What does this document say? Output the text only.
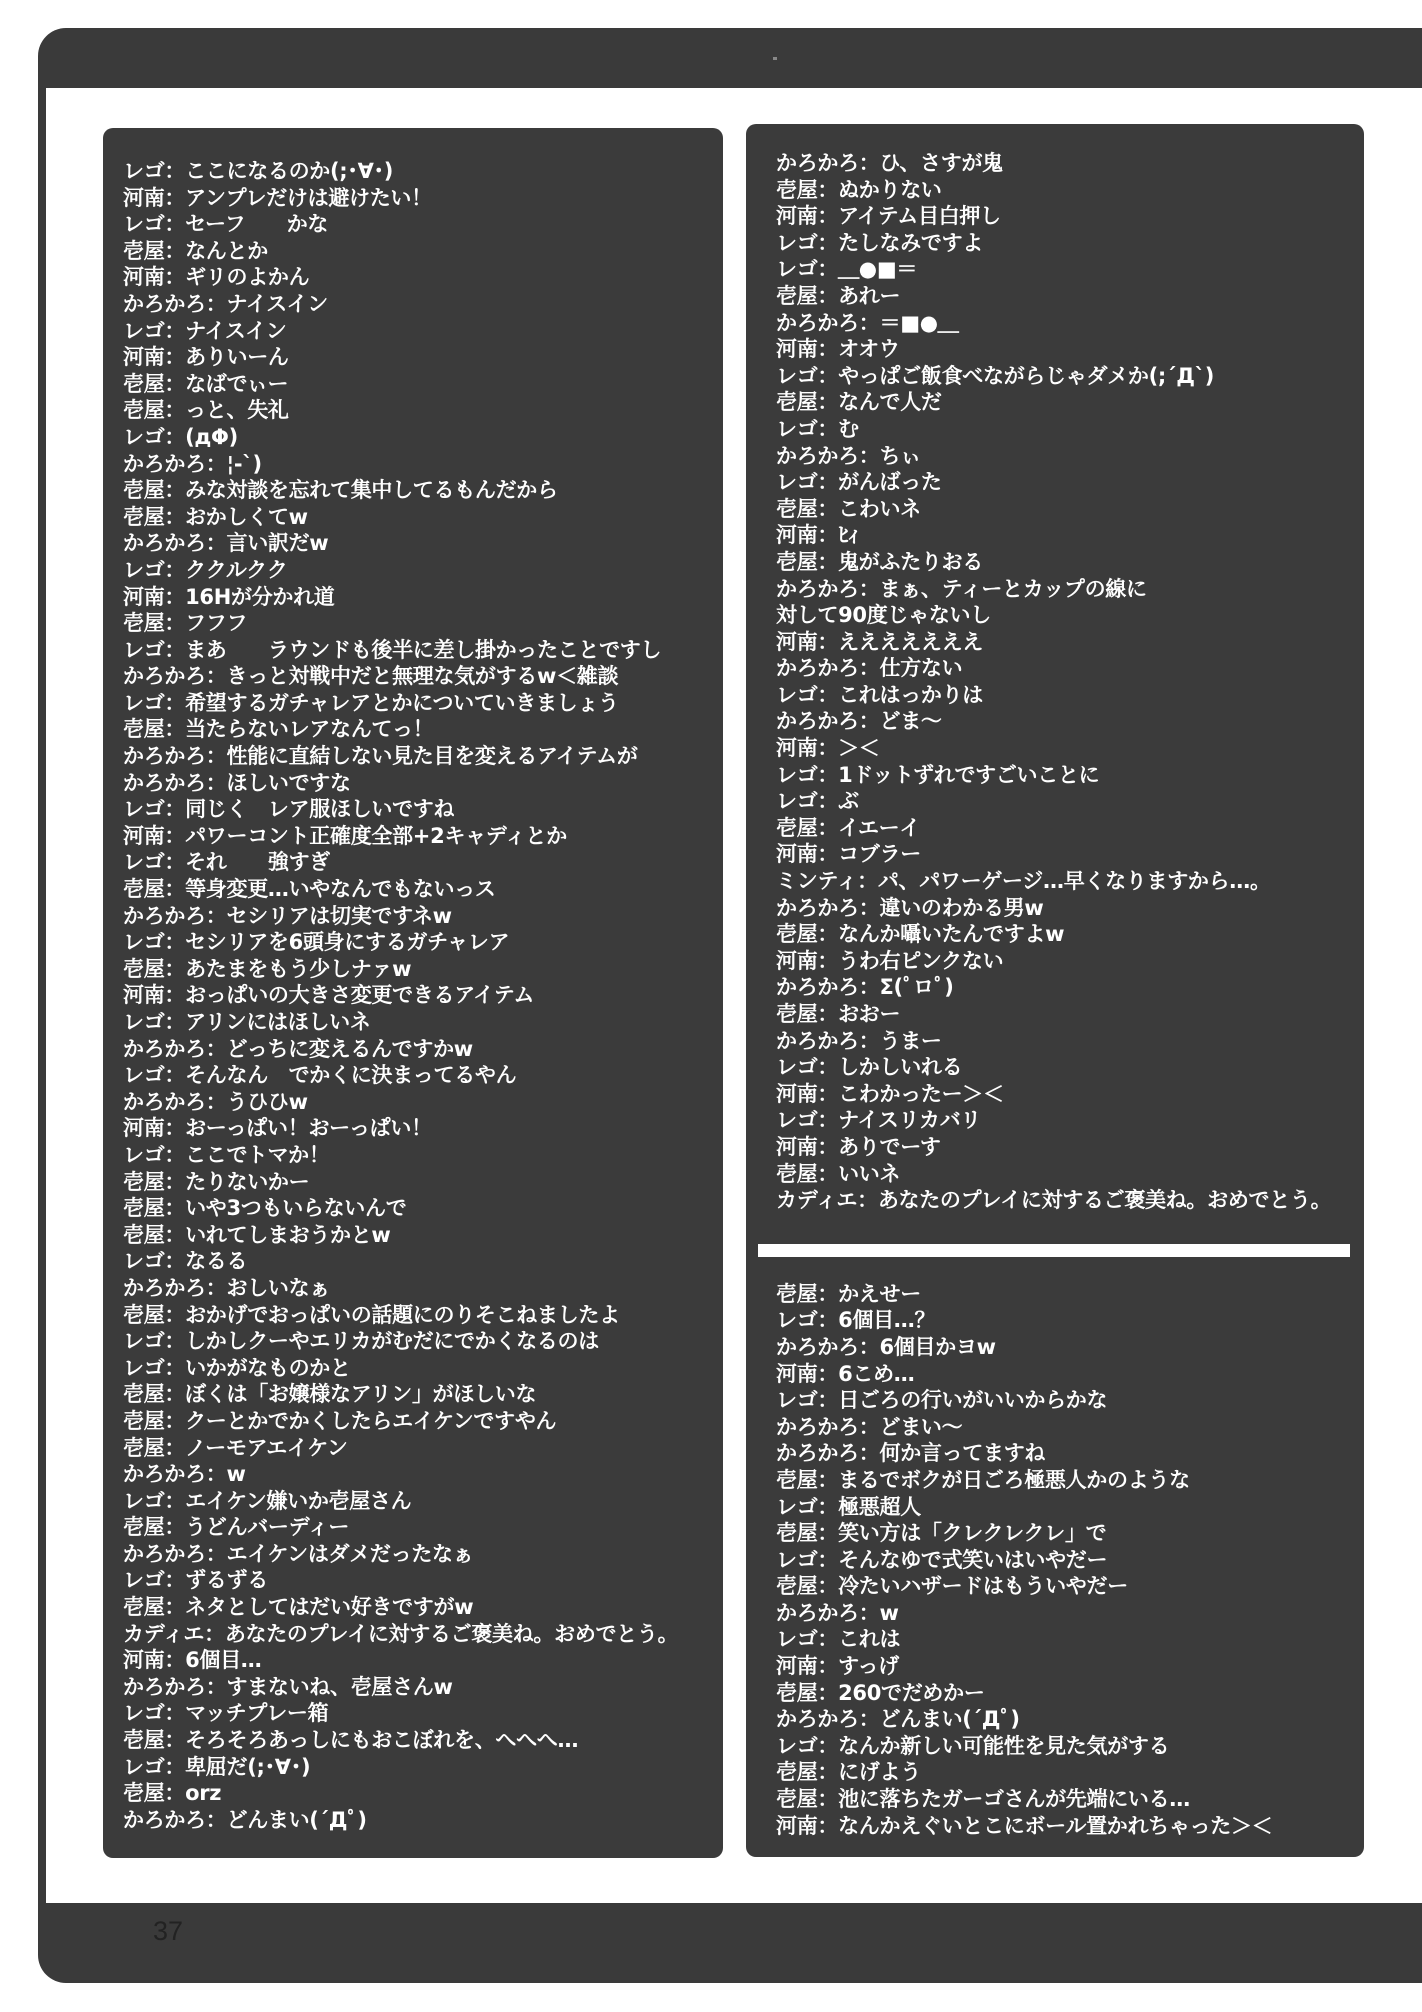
レゴ：ここになるのか(;･∀･)
河南：アンプレだけは避けたい！
レゴ：セーフ　　かな
壱屋：なんとか
河南：ギリのよかん
かろかろ：ナイスイン
レゴ：ナイスイン
河南：ありいーん
壱屋：なばでぃー
壱屋：っと、失礼
レゴ：(дΦ)
かろかろ：¦-`)
壱屋：みな対談を忘れて集中してるもんだから
壱屋：おかしくてw
かろかろ：言い訳だw
レゴ：ククルクク
河南：16Hが分かれ道
壱屋：フフフ
レゴ：まあ　　ラウンドも後半に差し掛かったことですし
かろかろ：きっと対戦中だと無理な気がするw＜雑談
レゴ：希望するガチャレアとかについていきましょう
壱屋：当たらないレアなんてっ！
かろかろ：性能に直結しない見た目を変えるアイテムが
かろかろ：ほしいですな
レゴ：同じく　レア服ほしいですね
河南：パワーコント正確度全部+2キャディとか
レゴ：それ　　強すぎ
壱屋：等身変更…いやなんでもないっス
かろかろ：セシリアは切実ですネw
レゴ：セシリアを6頭身にするガチャレア
壱屋：あたまをもう少しナァw
河南：おっぱいの大きさ変更できるアイテム
レゴ：アリンにはほしいネ
かろかろ：どっちに変えるんですかw
レゴ：そんなん　でかくに決まってるやん
かろかろ：うひひw
河南：おーっぱい！おーっぱい！
レゴ：ここでトマか！
壱屋：たりないかー
壱屋：いや3つもいらないんで
壱屋：いれてしまおうかとw
レゴ：なるる
かろかろ：おしいなぁ
壱屋：おかげでおっぱいの話題にのりそこねましたよ
レゴ：しかしクーやエリカがむだにでかくなるのは
レゴ：いかがなものかと
壱屋：ぼくは「お嬢様なアリン」がほしいな
壱屋：クーとかでかくしたらエイケンですやん
壱屋：ノーモアエイケン
かろかろ：w
レゴ：エイケン嫌いか壱屋さん
壱屋：うどんバーディー
かろかろ：エイケンはダメだったなぁ
レゴ：ずるずる
壱屋：ネタとしてはだい好きですがw
カディエ：あなたのプレイに対するご褒美ね。おめでとう。
河南：6個目…
かろかろ：すまないね、壱屋さんw
レゴ：マッチプレー箱
壱屋：そろそろあっしにもおこぼれを、へへへ…
レゴ：卑屈だ(;･∀･)
壱屋：orz
かろかろ：どんまい(´Дﾟ)
かろかろ：ひ、さすが鬼
壱屋：ぬかりない
河南：アイテム目白押し
レゴ：たしなみですよ
レゴ：＿●■＝
壱屋：あれー
かろかろ：＝■●＿
河南：オオウ
レゴ：やっぱご飯食べながらじゃダメか(;´Д`)
壱屋：なんで人だ
レゴ：む
かろかろ：ちぃ
レゴ：がんばった
壱屋：こわいネ
河南：ﾋｨ
壱屋：鬼がふたりおる
かろかろ：まぁ、ティーとカップの線に
対して90度じゃないし
河南：えええええええ
かろかろ：仕方ない
レゴ：これはっかりは
かろかろ：どま～
河南：＞＜
レゴ：1ドットずれですごいことに
レゴ：ぶ
壱屋：イエーイ
河南：コブラー
ミンティ：パ、パワーゲージ…早くなりますから…。
かろかろ：違いのわかる男w
壱屋：なんか囁いたんですよw
河南：うわ右ピンクない
かろかろ：Σ(ﾟロﾟ)
壱屋：おおー
かろかろ：うまー
レゴ：しかしいれる
河南：こわかったー＞＜
レゴ：ナイスリカバリ
河南：ありでーす
壱屋：いいネ
カディエ：あなたのプレイに対するご褒美ね。おめでとう。
壱屋：かえせー
レゴ：6個目…？
かろかろ：6個目かヨw
河南：6こめ…
レゴ：日ごろの行いがいいからかな
かろかろ：どまい～
かろかろ：何か言ってますね
壱屋：まるでボクが日ごろ極悪人かのような
レゴ：極悪超人
壱屋：笑い方は「クレクレクレ」で
レゴ：そんなゆで式笑いはいやだー
壱屋：冷たいハザードはもういやだー
かろかろ：w
レゴ：これは
河南：すっげ
壱屋：260でだめかー
かろかろ：どんまい(´Дﾟ)
レゴ：なんか新しい可能性を見た気がする
壱屋：にげよう
壱屋：池に落ちたガーゴさんが先端にいる…
河南：なんかえぐいとこにボール置かれちゃった＞＜
37
